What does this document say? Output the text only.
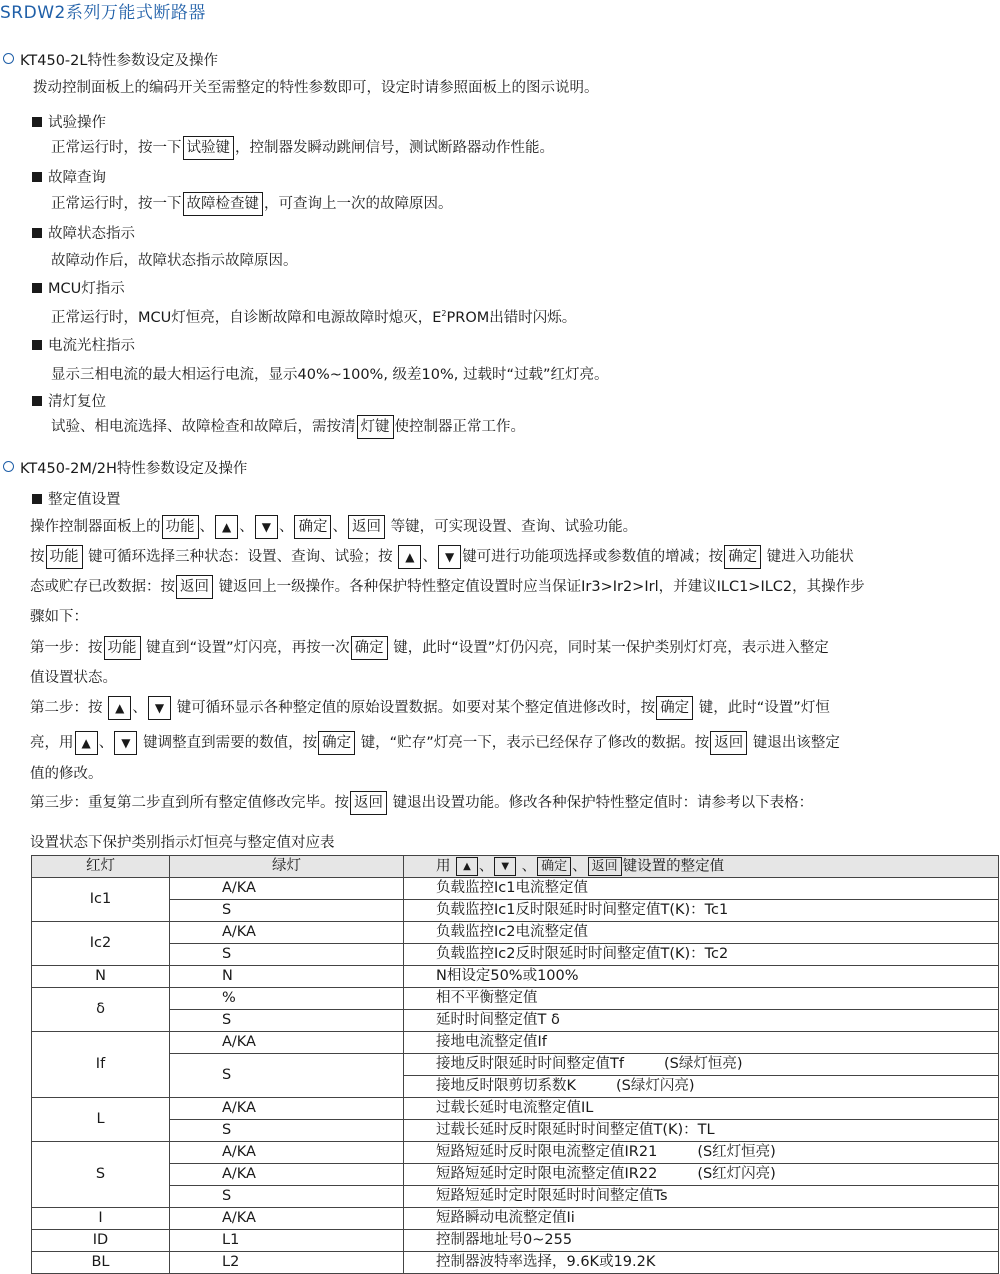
SRDW2系列万能式断路器
KT450-2L特性参数设定及操作
拨动控制面板上的编码开关至需整定的特性参数即可，设定时请参照面板上的图示说明。
试验操作
正常运行时，按一下 试验键 ，控制器发瞬动跳闸信号，测试断路器动作性能。
故障查询
正常运行时，按一下 故障检查键 ，可查询上一次的故障原因。
故障状态指示
故障动作后，故障状态指示故障原因。
MCU灯指示
正常运行时，MCU灯恒亮，自诊断故障和电源故障时熄灭，$E^2PROM$出错时闪烁。
电流光柱指示
显示三相电流的最大相运行电流，显示40%~100%, 级差10%, 过载时“过载”红灯亮。
清灯复位
试验、相电流选择、故障检查和故障后，需按清 灯键 使控制器正常工作。
KT450-2M/2H特性参数设定及操作
整定值设置
操作控制器面板上的 功能 、 ▲ 、 ▼ 、 确定 、 返回 等键，可实现设置、查询、试验功能。
按 功能 键可循环选择三种状态：设置、查询、试验；按 ▲ 、 ▼ 键可进行功能项选择或参数值的增减；按 确定 键进入功能状
态或贮存已改数据：按 返回 键返回上一级操作。各种保护特性整定值设置时应当保证Ir3>Ir2>Irl，并建议ILC1>ILC2，其操作步
骤如下：
第一步：按 功能 键直到“设置”灯闪亮，再按一次 确定 键，此时“设置”灯仍闪亮，同时某一保护类别灯灯亮，表示进入整定
值设置状态。
第二步：按 ▲ 、 ▼ 键可循环显示各种整定值的原始设置数据。如要对某个整定值进修改时，按 确定 键，此时“设置”灯恒
亮，用 ▲ 、 ▼ 键调整直到需要的数值，按 确定 键，“贮存”灯亮一下，表示已经保存了修改的数据。按 返回 键退出该整定
值的修改。
第三步：重复第二步直到所有整定值修改完毕。按 返回 键退出设置功能。修改各种保护特性整定值时：请参考以下表格：
设置状态下保护类别指示灯恒亮与整定值对应表
红灯	绿灯	用 ▲ 、 ▼ 、 确定 、 返回 键设置的整定值
Ic1	A/KA	负载监控Ic1电流整定值
	S	负载监控Ic1反时限延时时间整定值T(K)：Tc1
Ic2	A/KA	负载监控Ic2电流整定值
	S	负载监控Ic2反时限延时时间整定值T(K)：Tc2
N	N	N相设定50%或100%
δ	%	相不平衡整定值
	S	延时时间整定值T δ
If	A/KA	接地电流整定值If
	S	接地反时限延时时间整定值Tf (S绿灯恒亮)
		接地反时限剪切系数K (S绿灯闪亮)
L	A/KA	过载长延时电流整定值IL
	S	过载长延时反时限延时时间整定值T(K)：TL
S	A/KA	短路短延时反时限电流整定值IR21 (S红灯恒亮)
	A/KA	短路短延时定时限电流整定值IR22 (S红灯闪亮)
	S	短路短延时定时限延时时间整定值Ts
I	A/KA	短路瞬动电流整定值Ii
ID	L1	控制器地址号0~255
BL	L2	控制器波特率选择，9.6K或19.2K
